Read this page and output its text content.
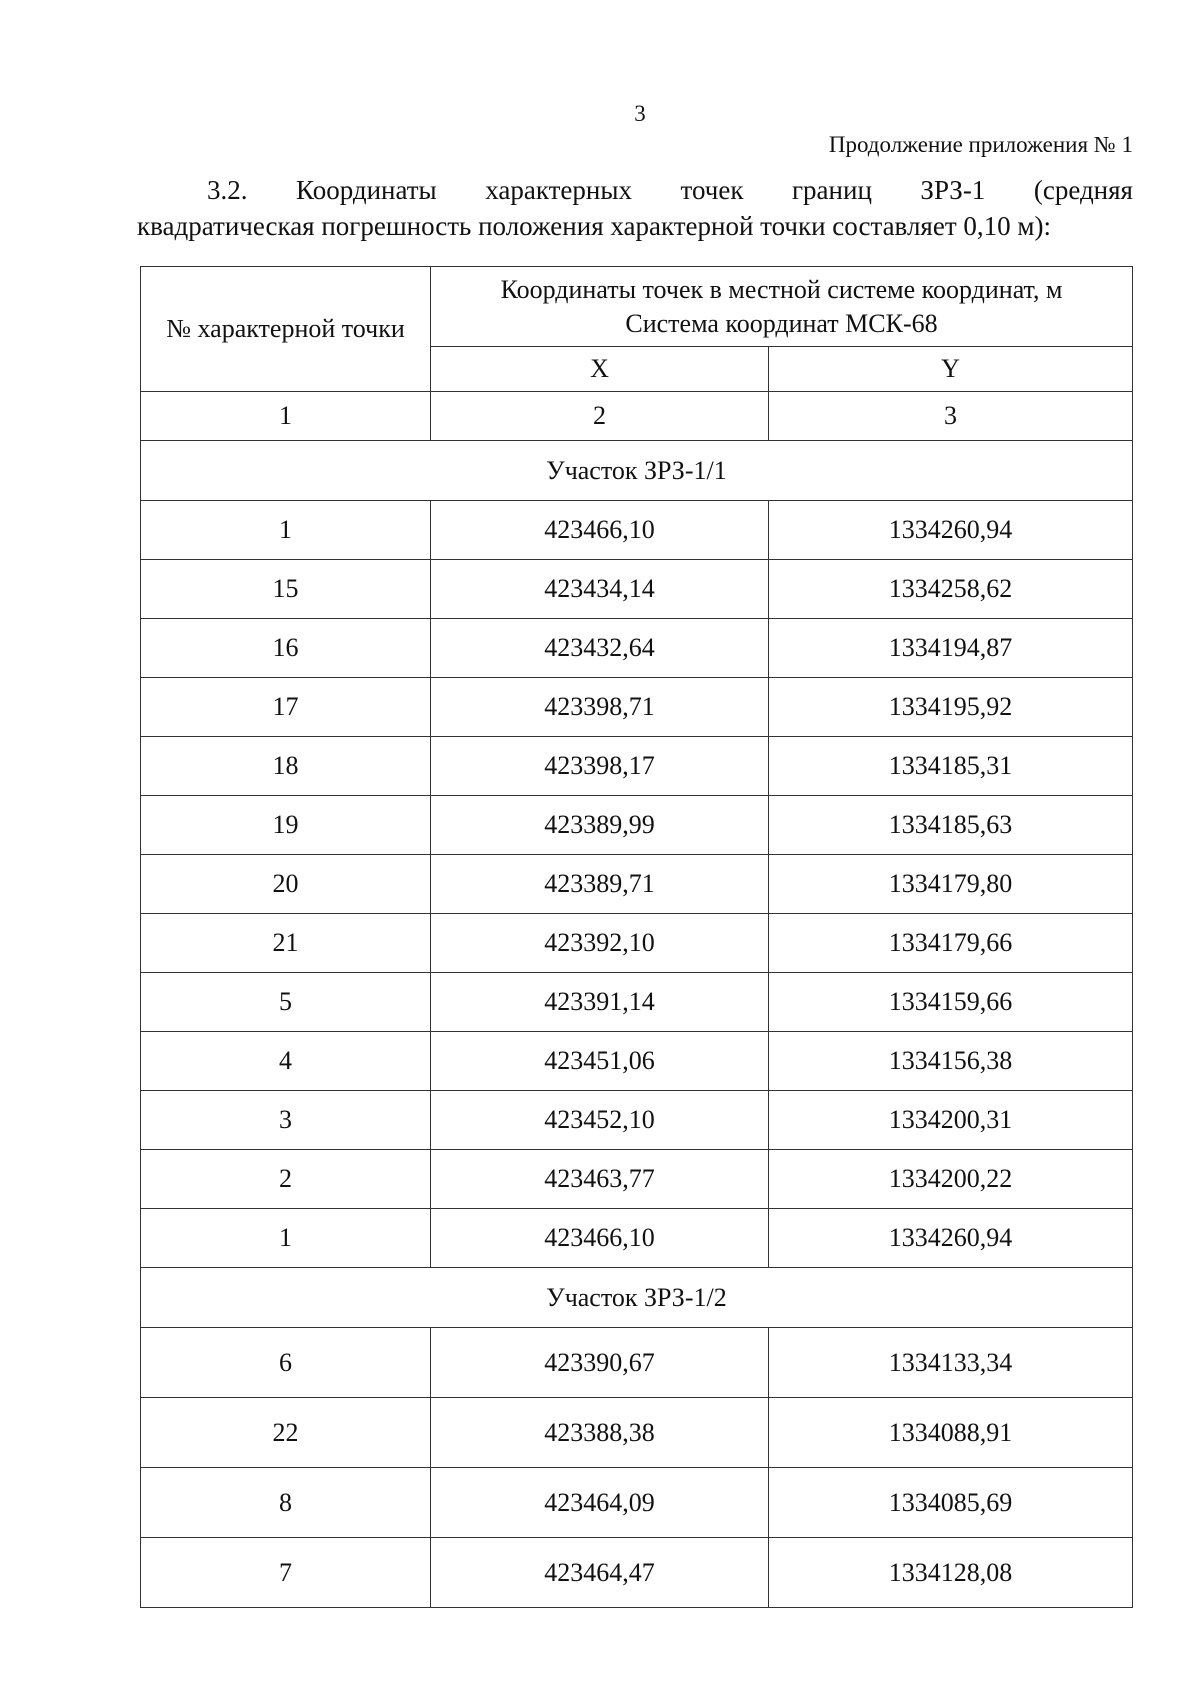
3
Продолжение приложения № 1
3.2. Координаты характерных точек границ ЗРЗ-1 (средняя
квадратическая погрешность положения характерной точки составляет 0,10 м):
№ характерной точки	Координаты точек в местной системе координат, м
Система координат МСК-68	

	X	Y
1	2	3
Участок ЗРЗ-1/1		
1	423466,10	1334260,94
15	423434,14	1334258,62
16	423432,64	1334194,87
17	423398,71	1334195,92
18	423398,17	1334185,31
19	423389,99	1334185,63
20	423389,71	1334179,80
21	423392,10	1334179,66
5	423391,14	1334159,66
4	423451,06	1334156,38
3	423452,10	1334200,31
2	423463,77	1334200,22
1	423466,10	1334260,94
Участок ЗРЗ-1/2		
6	423390,67	1334133,34
22	423388,38	1334088,91
8	423464,09	1334085,69
7	423464,47	1334128,08
